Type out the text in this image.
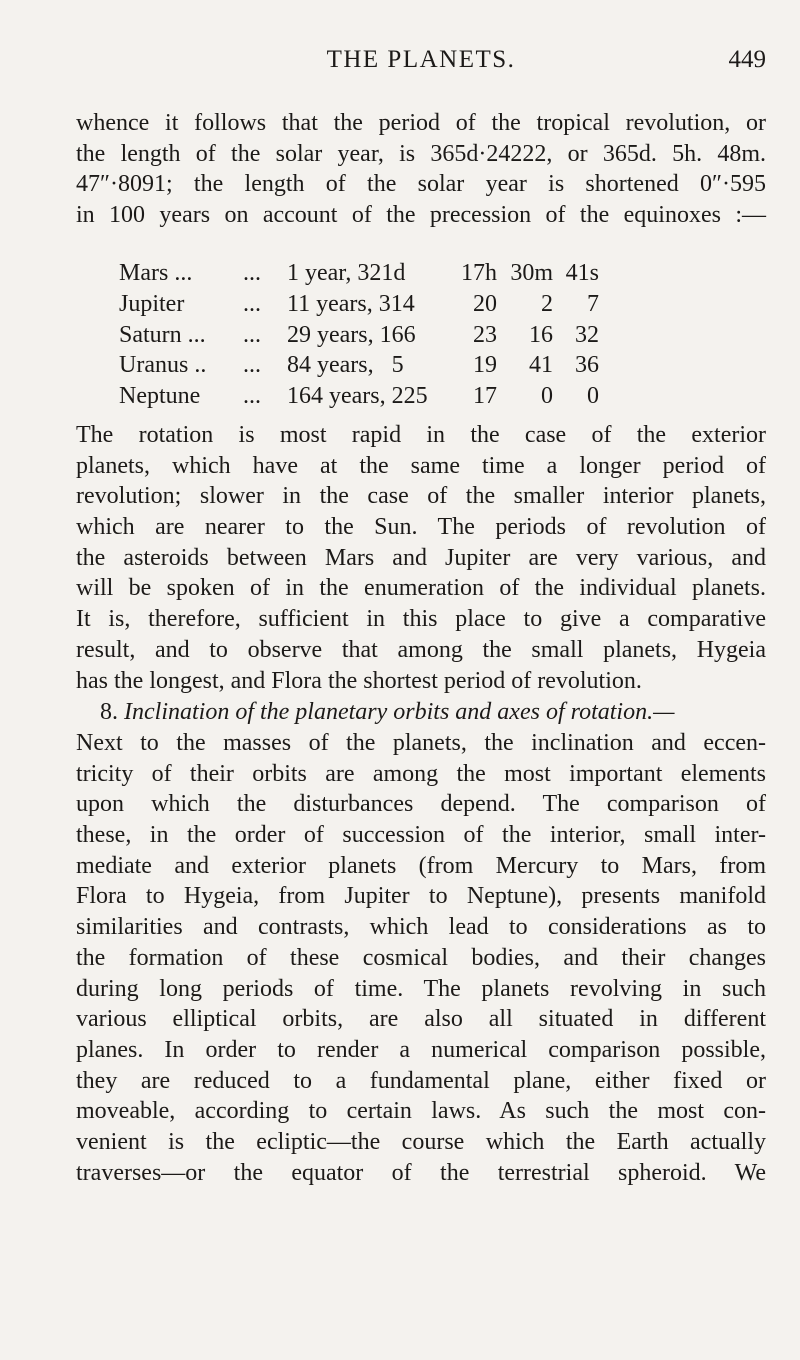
THE PLANETS.	449
whence it follows that the period of the tropical revolution, or
the length of the solar year, is 365d·24222, or 365d. 5h. 48m.
47″·8091; the length of the solar year is shortened 0″·595
in 100 years on account of the precession of the equinoxes :—
Mars ... ... 1 year, 321d 17h 30m 41s
Jupiter ... 11 years, 314	20	2	7
Saturn ... ... 29 years, 166	23	16 32
Uranus .. ... 84 years,   5	19	41 36
Neptune ... 164 years, 225	17	0	0
The rotation is most rapid in the case of the exterior
planets, which have at the same time a longer period of
revolution; slower in the case of the smaller interior planets,
which are nearer to the Sun. The periods of revolution of
the asteroids between Mars and Jupiter are very various, and
will be spoken of in the enumeration of the individual planets.
It is, therefore, sufficient in this place to give a comparative
result, and to observe that among the small planets, Hygeia
has the longest, and Flora the shortest period of revolution.
8. Inclination of the planetary orbits and axes of rotation.—
Next to the masses of the planets, the inclination and eccen-
tricity of their orbits are among the most important elements
upon which the disturbances depend. The comparison of
these, in the order of succession of the interior, small inter-
mediate and exterior planets (from Mercury to Mars, from
Flora to Hygeia, from Jupiter to Neptune), presents manifold
similarities and contrasts, which lead to considerations as to
the formation of these cosmical bodies, and their changes
during long periods of time. The planets revolving in such
various elliptical orbits, are also all situated in different
planes. In order to render a numerical comparison possible,
they are reduced to a fundamental plane, either fixed or
moveable, according to certain laws. As such the most con-
venient is the ecliptic—the course which the Earth actually
traverses—or the equator of the terrestrial spheroid. We
